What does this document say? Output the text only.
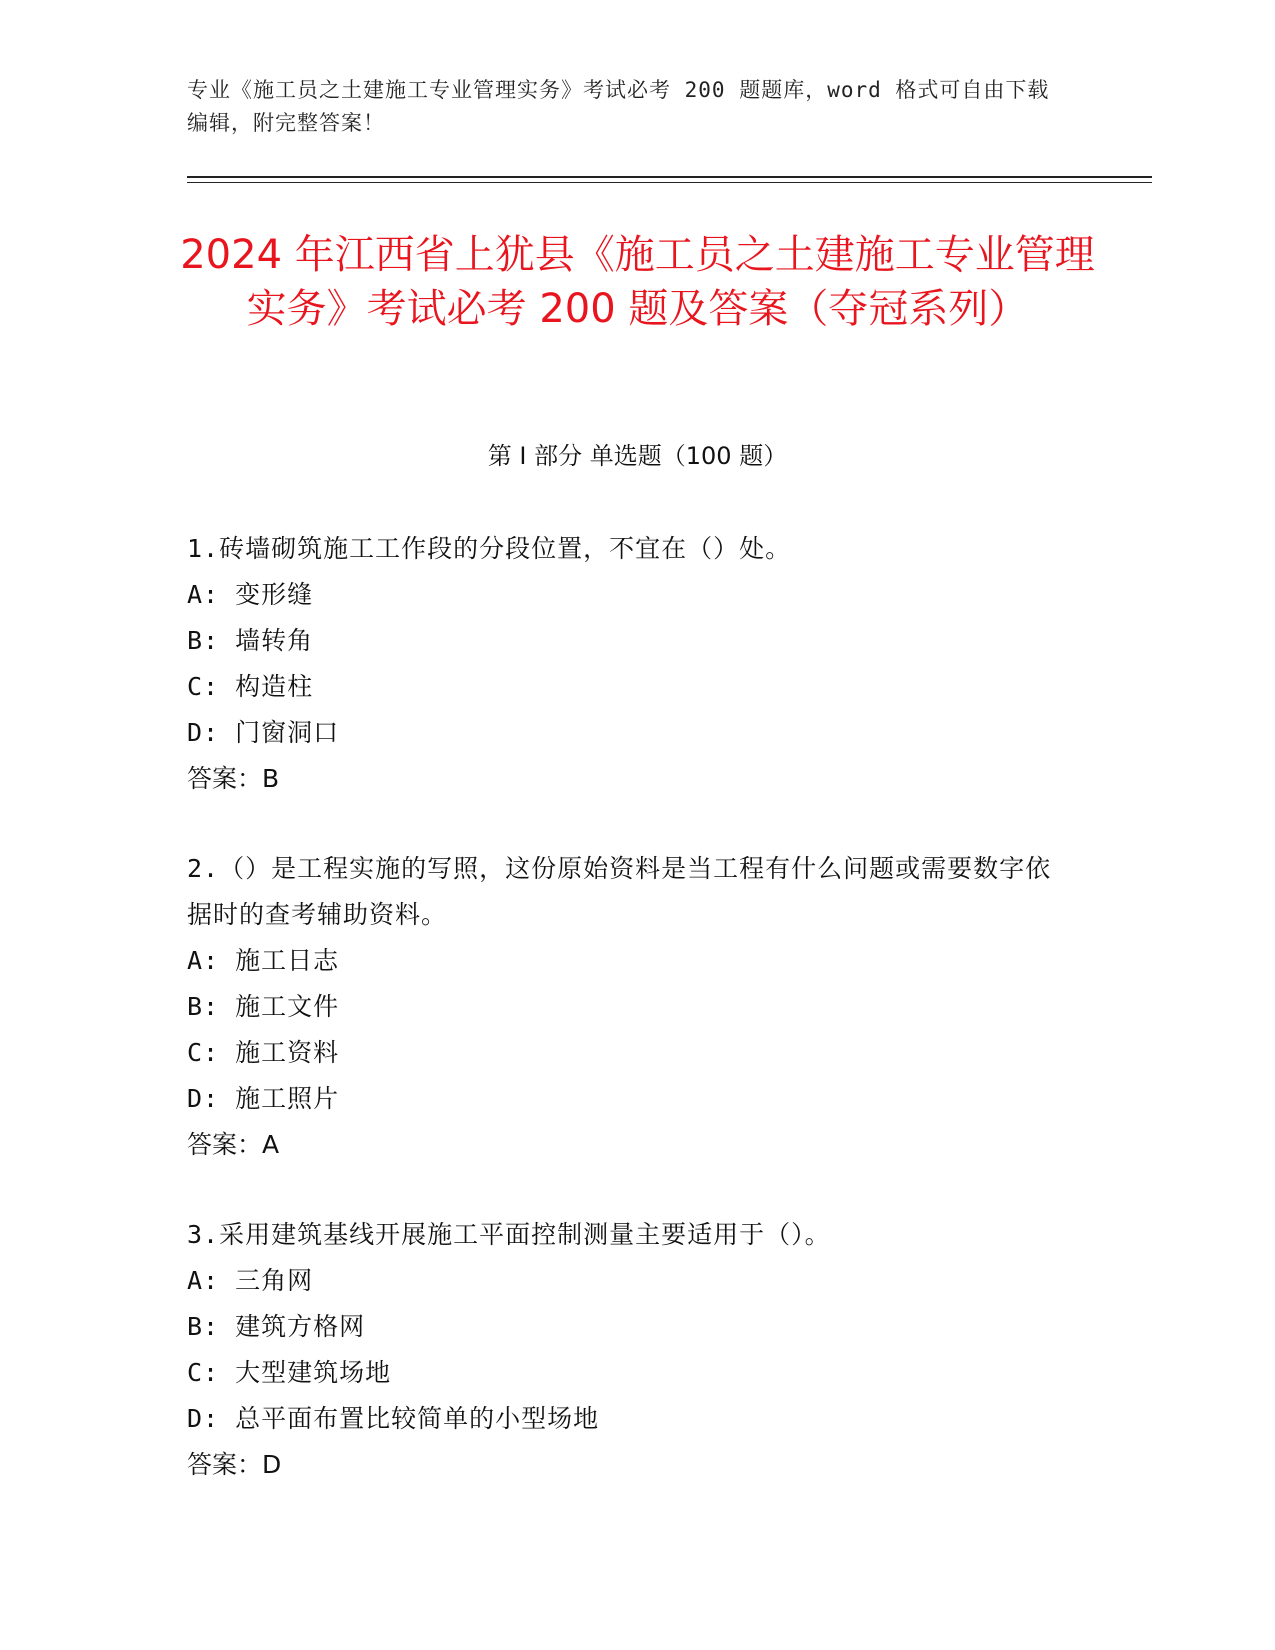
专业《施工员之土建施工专业管理实务》考试必考 200 题题库，word 格式可自由下载编辑，附完整答案！
2024 年江西省上犹县《施工员之土建施工专业管理实务》考试必考 200 题及答案（夺冠系列）
第 I 部分 单选题（100 题）

1.砖墙砌筑施工工作段的分段位置，不宜在（）处。

A: 变形缝

B: 墙转角

C: 构造柱

D: 门窗洞口

答案：B

2.（）是工程实施的写照，这份原始资料是当工程有什么问题或需要数字依据时的查考辅助资料。

A: 施工日志

B: 施工文件

C: 施工资料

D: 施工照片

答案：A

3.采用建筑基线开展施工平面控制测量主要适用于（）。

A: 三角网

B: 建筑方格网

C: 大型建筑场地

D: 总平面布置比较简单的小型场地

答案：D
